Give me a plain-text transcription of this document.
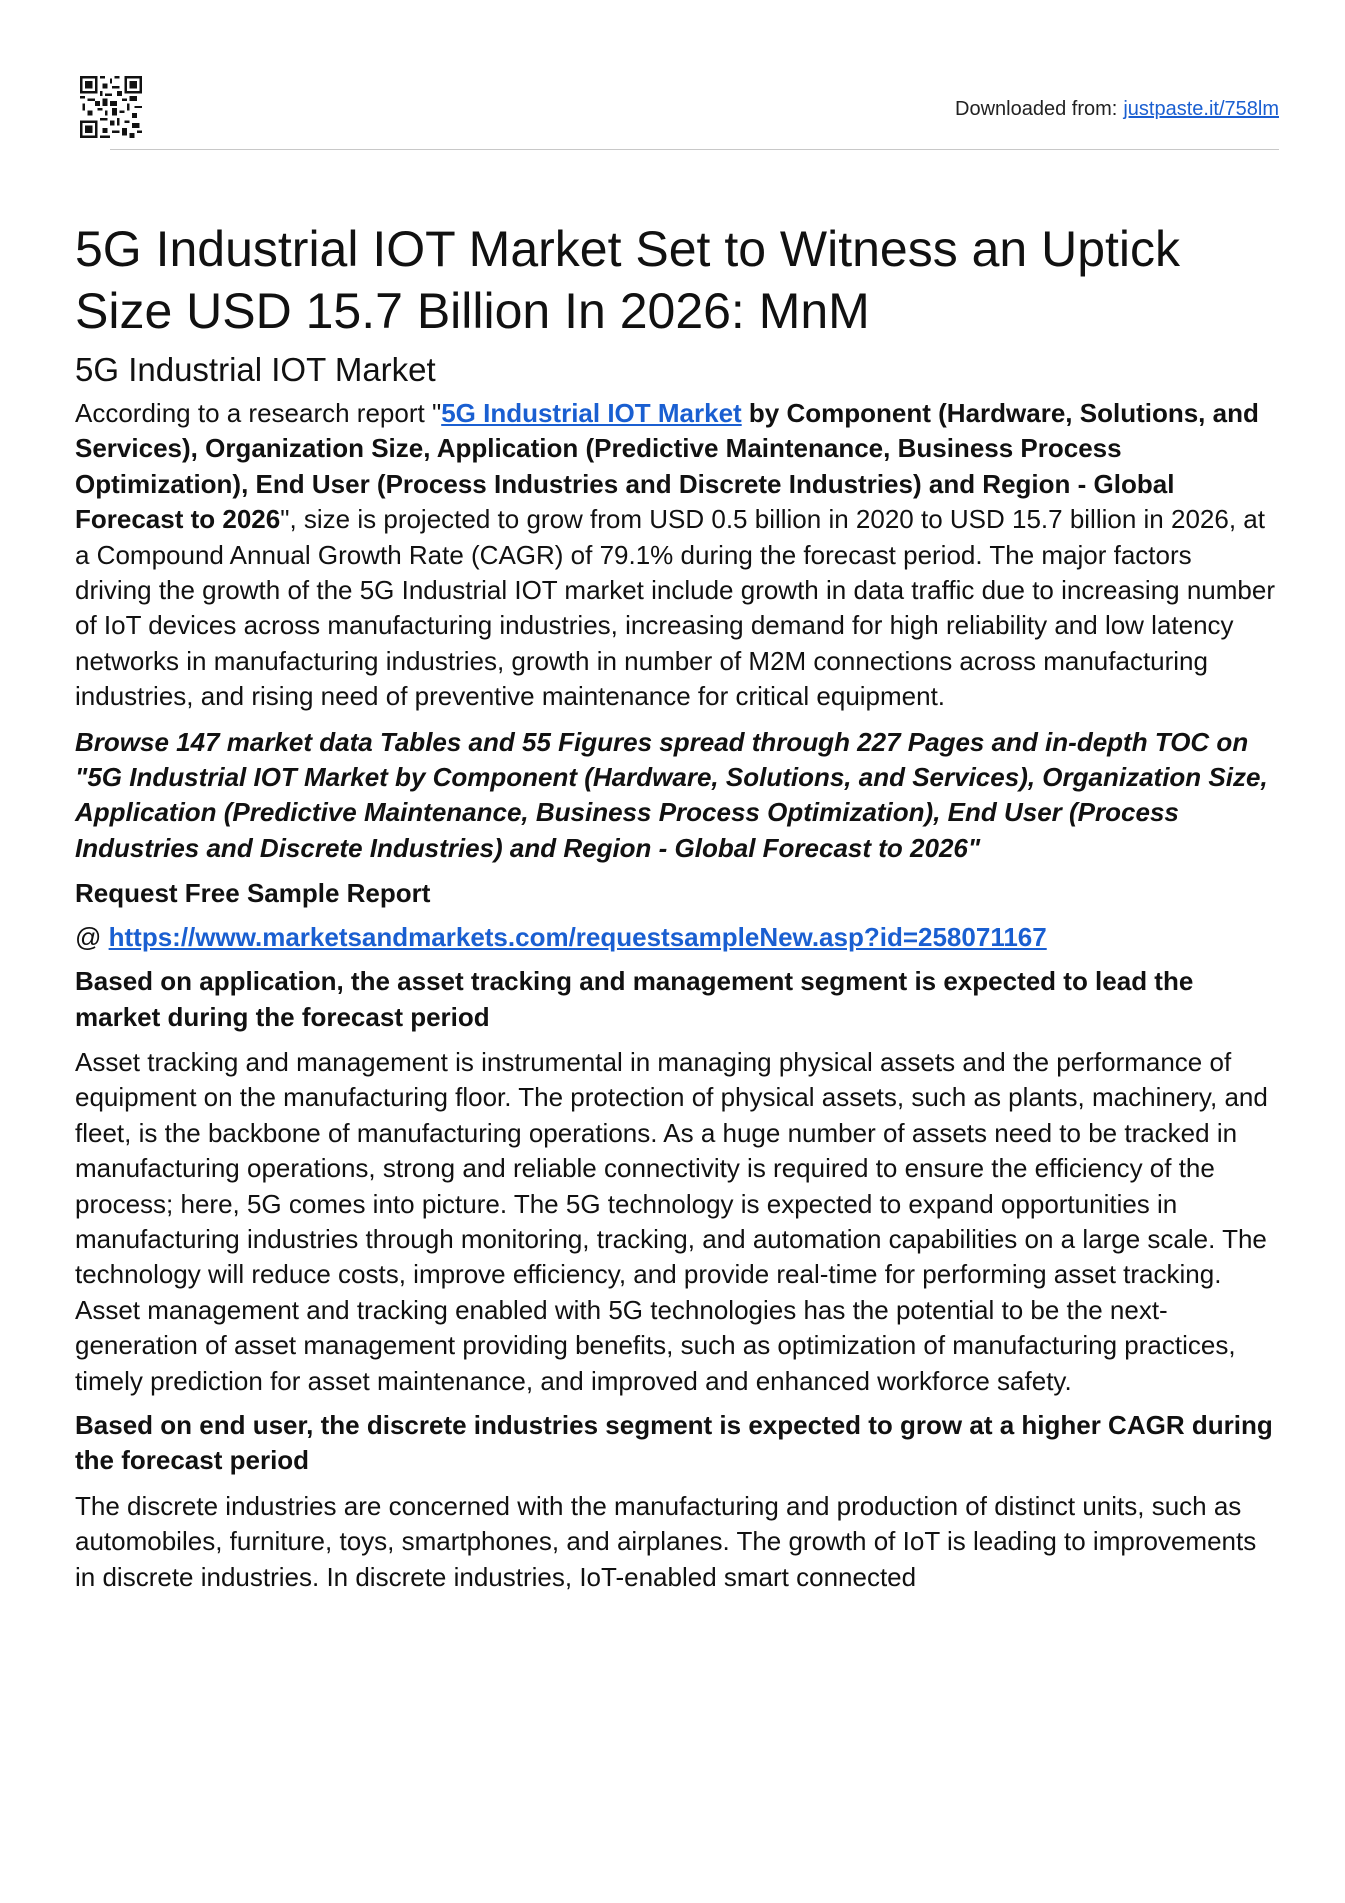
Downloaded from: justpaste.it/758lm
5G Industrial IOT Market Set to Witness an Uptick Size USD 15.7 Billion In 2026: MnM
5G Industrial IOT Market

According to a research report "5G Industrial IOT Market by Component (Hardware, Solutions, and Services), Organization Size, Application (Predictive Maintenance, Business Process Optimization), End User (Process Industries and Discrete Industries) and Region - Global Forecast to 2026", size is projected to grow from USD 0.5 billion in 2020 to USD 15.7 billion in 2026, at a Compound Annual Growth Rate (CAGR) of 79.1% during the forecast period. The major factors driving the growth of the 5G Industrial IOT market include growth in data traffic due to increasing number of IoT devices across manufacturing industries, increasing demand for high reliability and low latency networks in manufacturing industries, growth in number of M2M connections across manufacturing industries, and rising need of preventive maintenance for critical equipment.

Browse 147 market data Tables and 55 Figures spread through 227 Pages and in-depth TOC on "5G Industrial IOT Market by Component (Hardware, Solutions, and Services), Organization Size, Application (Predictive Maintenance, Business Process Optimization), End User (Process Industries and Discrete Industries) and Region - Global Forecast to 2026"

Request Free Sample Report

@ https://www.marketsandmarkets.com/requestsampleNew.asp?id=258071167

Based on application, the asset tracking and management segment is expected to lead the market during the forecast period

Asset tracking and management is instrumental in managing physical assets and the performance of equipment on the manufacturing floor. The protection of physical assets, such as plants, machinery, and fleet, is the backbone of manufacturing operations. As a huge number of assets need to be tracked in manufacturing operations, strong and reliable connectivity is required to ensure the efficiency of the process; here, 5G comes into picture. The 5G technology is expected to expand opportunities in manufacturing industries through monitoring, tracking, and automation capabilities on a large scale. The technology will reduce costs, improve efficiency, and provide real-time for performing asset tracking. Asset management and tracking enabled with 5G technologies has the potential to be the next-generation of asset management providing benefits, such as optimization of manufacturing practices, timely prediction for asset maintenance, and improved and enhanced workforce safety.

Based on end user, the discrete industries segment is expected to grow at a higher CAGR during the forecast period

The discrete industries are concerned with the manufacturing and production of distinct units, such as automobiles, furniture, toys, smartphones, and airplanes. The growth of IoT is leading to improvements in discrete industries. In discrete industries, IoT-enabled smart connected
